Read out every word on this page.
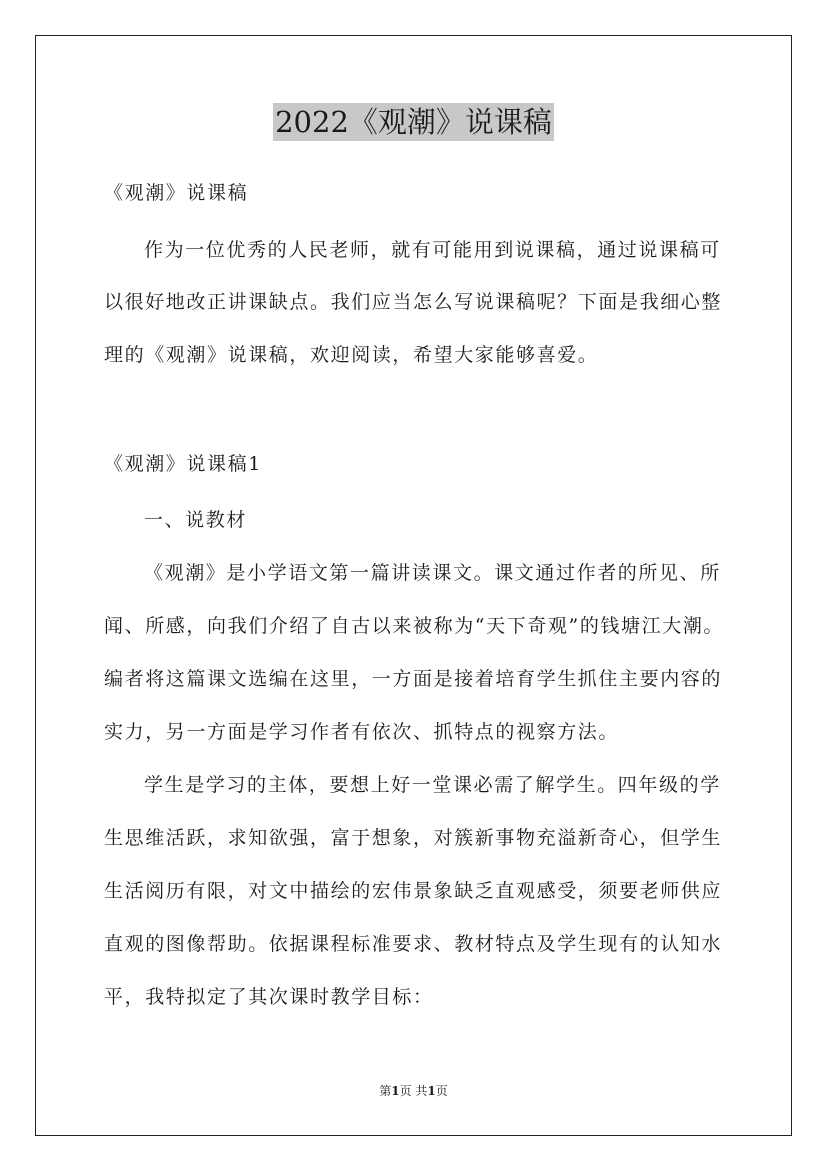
2022《观潮》说课稿
《观潮》说课稿
作为一位优秀的人民老师，就有可能用到说课稿，通过说课稿可
以很好地改正讲课缺点。我们应当怎么写说课稿呢？下面是我细心整
理的《观潮》说课稿，欢迎阅读，希望大家能够喜爱。
《观潮》说课稿1
一、说教材
《观潮》是小学语文第一篇讲读课文。课文通过作者的所见、所
闻、所感，向我们介绍了自古以来被称为“天下奇观”的钱塘江大潮。
编者将这篇课文选编在这里，一方面是接着培育学生抓住主要内容的
实力，另一方面是学习作者有依次、抓特点的视察方法。
学生是学习的主体，要想上好一堂课必需了解学生。四年级的学
生思维活跃，求知欲强，富于想象，对簇新事物充溢新奇心，但学生
生活阅历有限，对文中描绘的宏伟景象缺乏直观感受，须要老师供应
直观的图像帮助。依据课程标准要求、教材特点及学生现有的认知水
平，我特拟定了其次课时教学目标：
第1页 共1页
